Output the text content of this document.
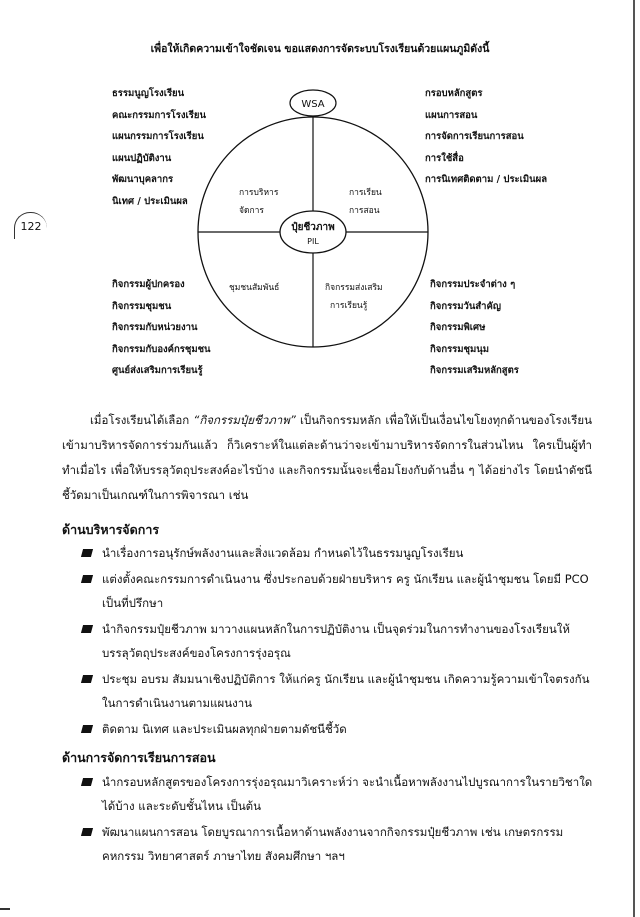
122
เพื่อให้เกิดความเข้าใจชัดเจน ขอแสดงการจัดระบบโรงเรียนด้วยแผนภูมิดังนี้
ธรรมนูญโรงเรียน
คณะกรรมการโรงเรียน
แผนกรรมการโรงเรียน
แผนปฏิบัติงาน
พัฒนาบุคลากร
นิเทศ / ประเมินผล
กรอบหลักสูตร
แผนการสอน
การจัดการเรียนการสอน
การใช้สื่อ
การนิเทศติดตาม / ประเมินผล
กิจกรรมผู้ปกครอง
กิจกรรมชุมชน
กิจกรรมกับหน่วยงาน
กิจกรรมกับองค์กรชุมชน
ศูนย์ส่งเสริมการเรียนรู้
กิจกรรมประจำต่าง ๆ
กิจกรรมวันสำคัญ
กิจกรรมพิเศษ
กิจกรรมชุมนุม
กิจกรรมเสริมหลักสูตร
WSA
ปุ๋ยชีวภาพ
PIL
การบริหาร
จัดการ
การเรียน
การสอน
ชุมชนสัมพันธ์	กิจกรรมส่งเสริม
การเรียนรู้
เมื่อโรงเรียนได้เลือก “กิจกรรมปุ๋ยชีวภาพ” เป็นกิจกรรมหลัก เพื่อให้เป็นเงื่อนไขโยงทุกด้านของโรงเรียนเข้ามาบริหารจัดการร่วมกันแล้ว ก็วิเคราะห์ในแต่ละด้านว่าจะเข้ามาบริหารจัดการในส่วนไหน ใครเป็นผู้ทำ ทำเมื่อไร เพื่อให้บรรลุวัตถุประสงค์อะไรบ้าง และกิจกรรมนั้นจะเชื่อมโยงกับด้านอื่น ๆ ได้อย่างไร โดยนำดัชนีชี้วัดมาเป็นเกณฑ์ในการพิจารณา เช่น
ด้านบริหารจัดการ
นำเรื่องการอนุรักษ์พลังงานและสิ่งแวดล้อม กำหนดไว้ในธรรมนูญโรงเรียน
แต่งตั้งคณะกรรมการดำเนินงาน ซึ่งประกอบด้วยฝ่ายบริหาร ครู นักเรียน และผู้นำชุมชน โดยมี PCO เป็นที่ปรึกษา
นำกิจกรรมปุ๋ยชีวภาพ มาวางแผนหลักในการปฏิบัติงาน เป็นจุดร่วมในการทำงานของโรงเรียนให้บรรลุวัตถุประสงค์ของโครงการรุ่งอรุณ
ประชุม อบรม สัมมนาเชิงปฏิบัติการ ให้แก่ครู นักเรียน และผู้นำชุมชน เกิดความรู้ความเข้าใจตรงกันในการดำเนินงานตามแผนงาน
ติดตาม นิเทศ และประเมินผลทุกฝ่ายตามดัชนีชี้วัด
ด้านการจัดการเรียนการสอน
นำกรอบหลักสูตรของโครงการรุ่งอรุณมาวิเคราะห์ว่า จะนำเนื้อหาพลังงานไปบูรณาการในรายวิชาใดได้บ้าง และระดับชั้นไหน เป็นต้น
พัฒนาแผนการสอน โดยบูรณาการเนื้อหาด้านพลังงานจากกิจกรรมปุ๋ยชีวภาพ เช่น เกษตรกรรม คหกรรม วิทยาศาสตร์ ภาษาไทย สังคมศึกษา ฯลฯ
